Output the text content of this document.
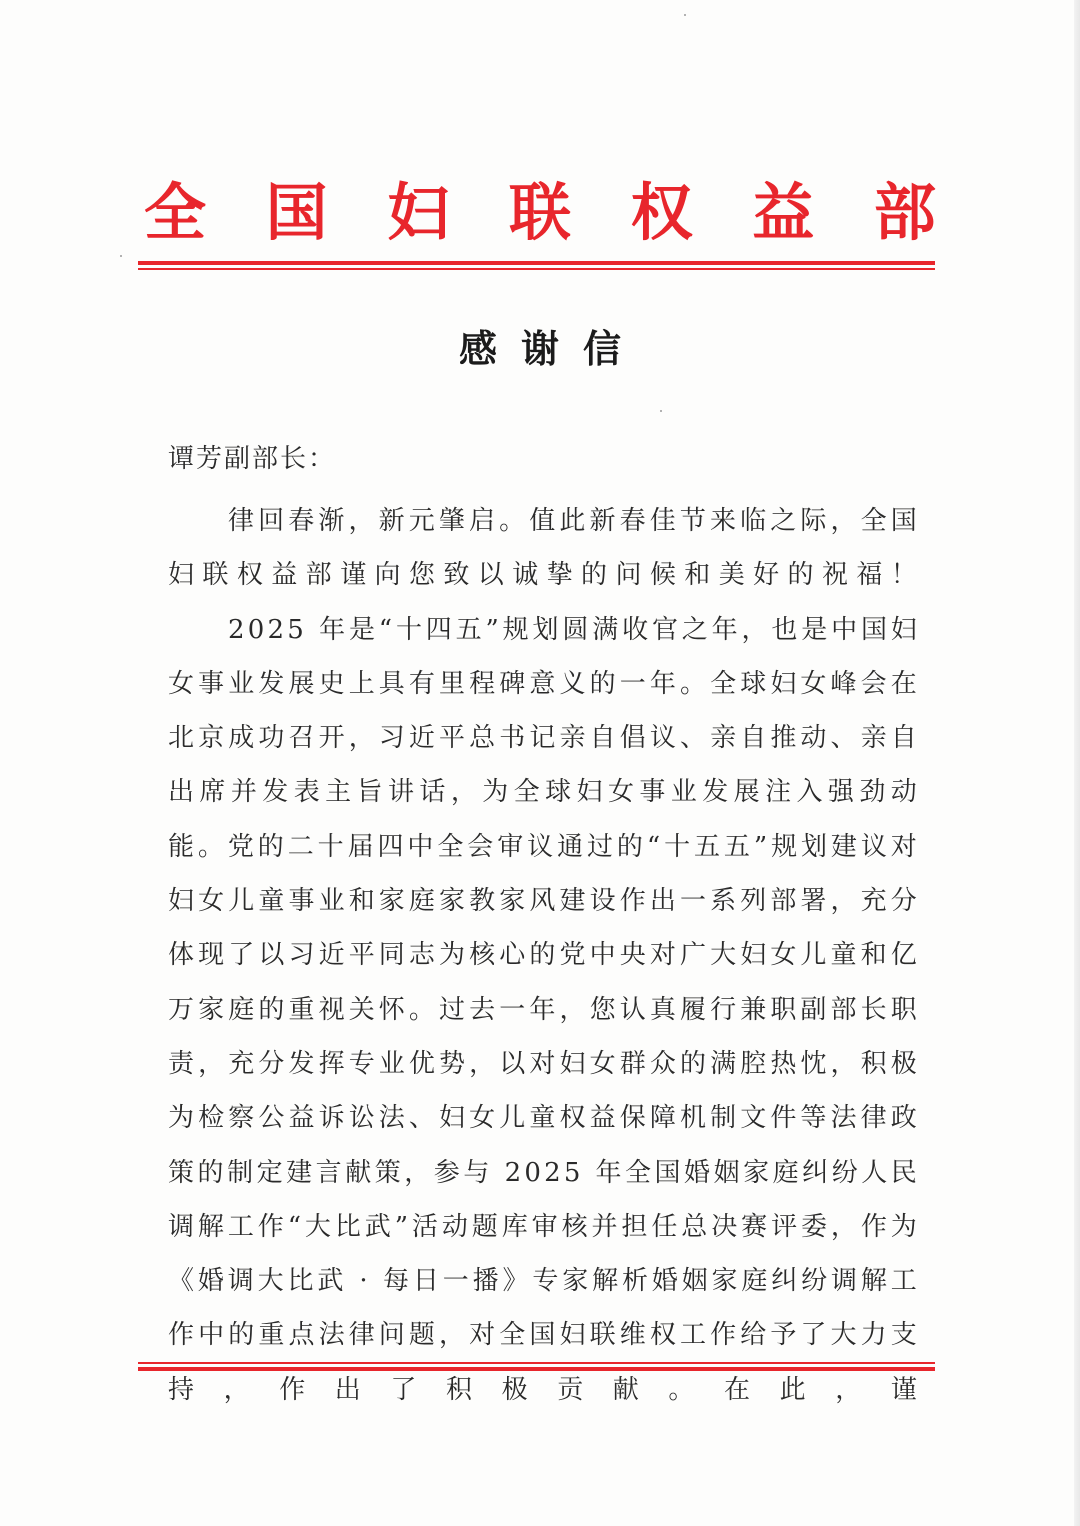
全 国 妇 联 权 益 部
感谢信
谭芳副部长：

律回春渐，新元肇启。值此新春佳节来临之际，全国妇联权益部谨向您致以诚挚的问候和美好的祝福！

2025 年是“十四五”规划圆满收官之年，也是中国妇女事业发展史上具有里程碑意义的一年。全球妇女峰会在北京成功召开，习近平总书记亲自倡议、亲自推动、亲自出席并发表主旨讲话，为全球妇女事业发展注入强劲动能。党的二十届四中全会审议通过的“十五五”规划建议对妇女儿童事业和家庭家教家风建设作出一系列部署，充分体现了以习近平同志为核心的党中央对广大妇女儿童和亿万家庭的重视关怀。过去一年，您认真履行兼职副部长职责，充分发挥专业优势，以对妇女群众的满腔热忱，积极为检察公益诉讼法、妇女儿童权益保障机制文件等法律政策的制定建言献策，参与 2025 年全国婚姻家庭纠纷人民调解工作“大比武”活动题库审核并担任总决赛评委，作为《婚调大比武 · 每日一播》专家解析婚姻家庭纠纷调解工作中的重点法律问题，对全国妇联维权工作给予了大力支持，作出了积极贡献。在此，谨
